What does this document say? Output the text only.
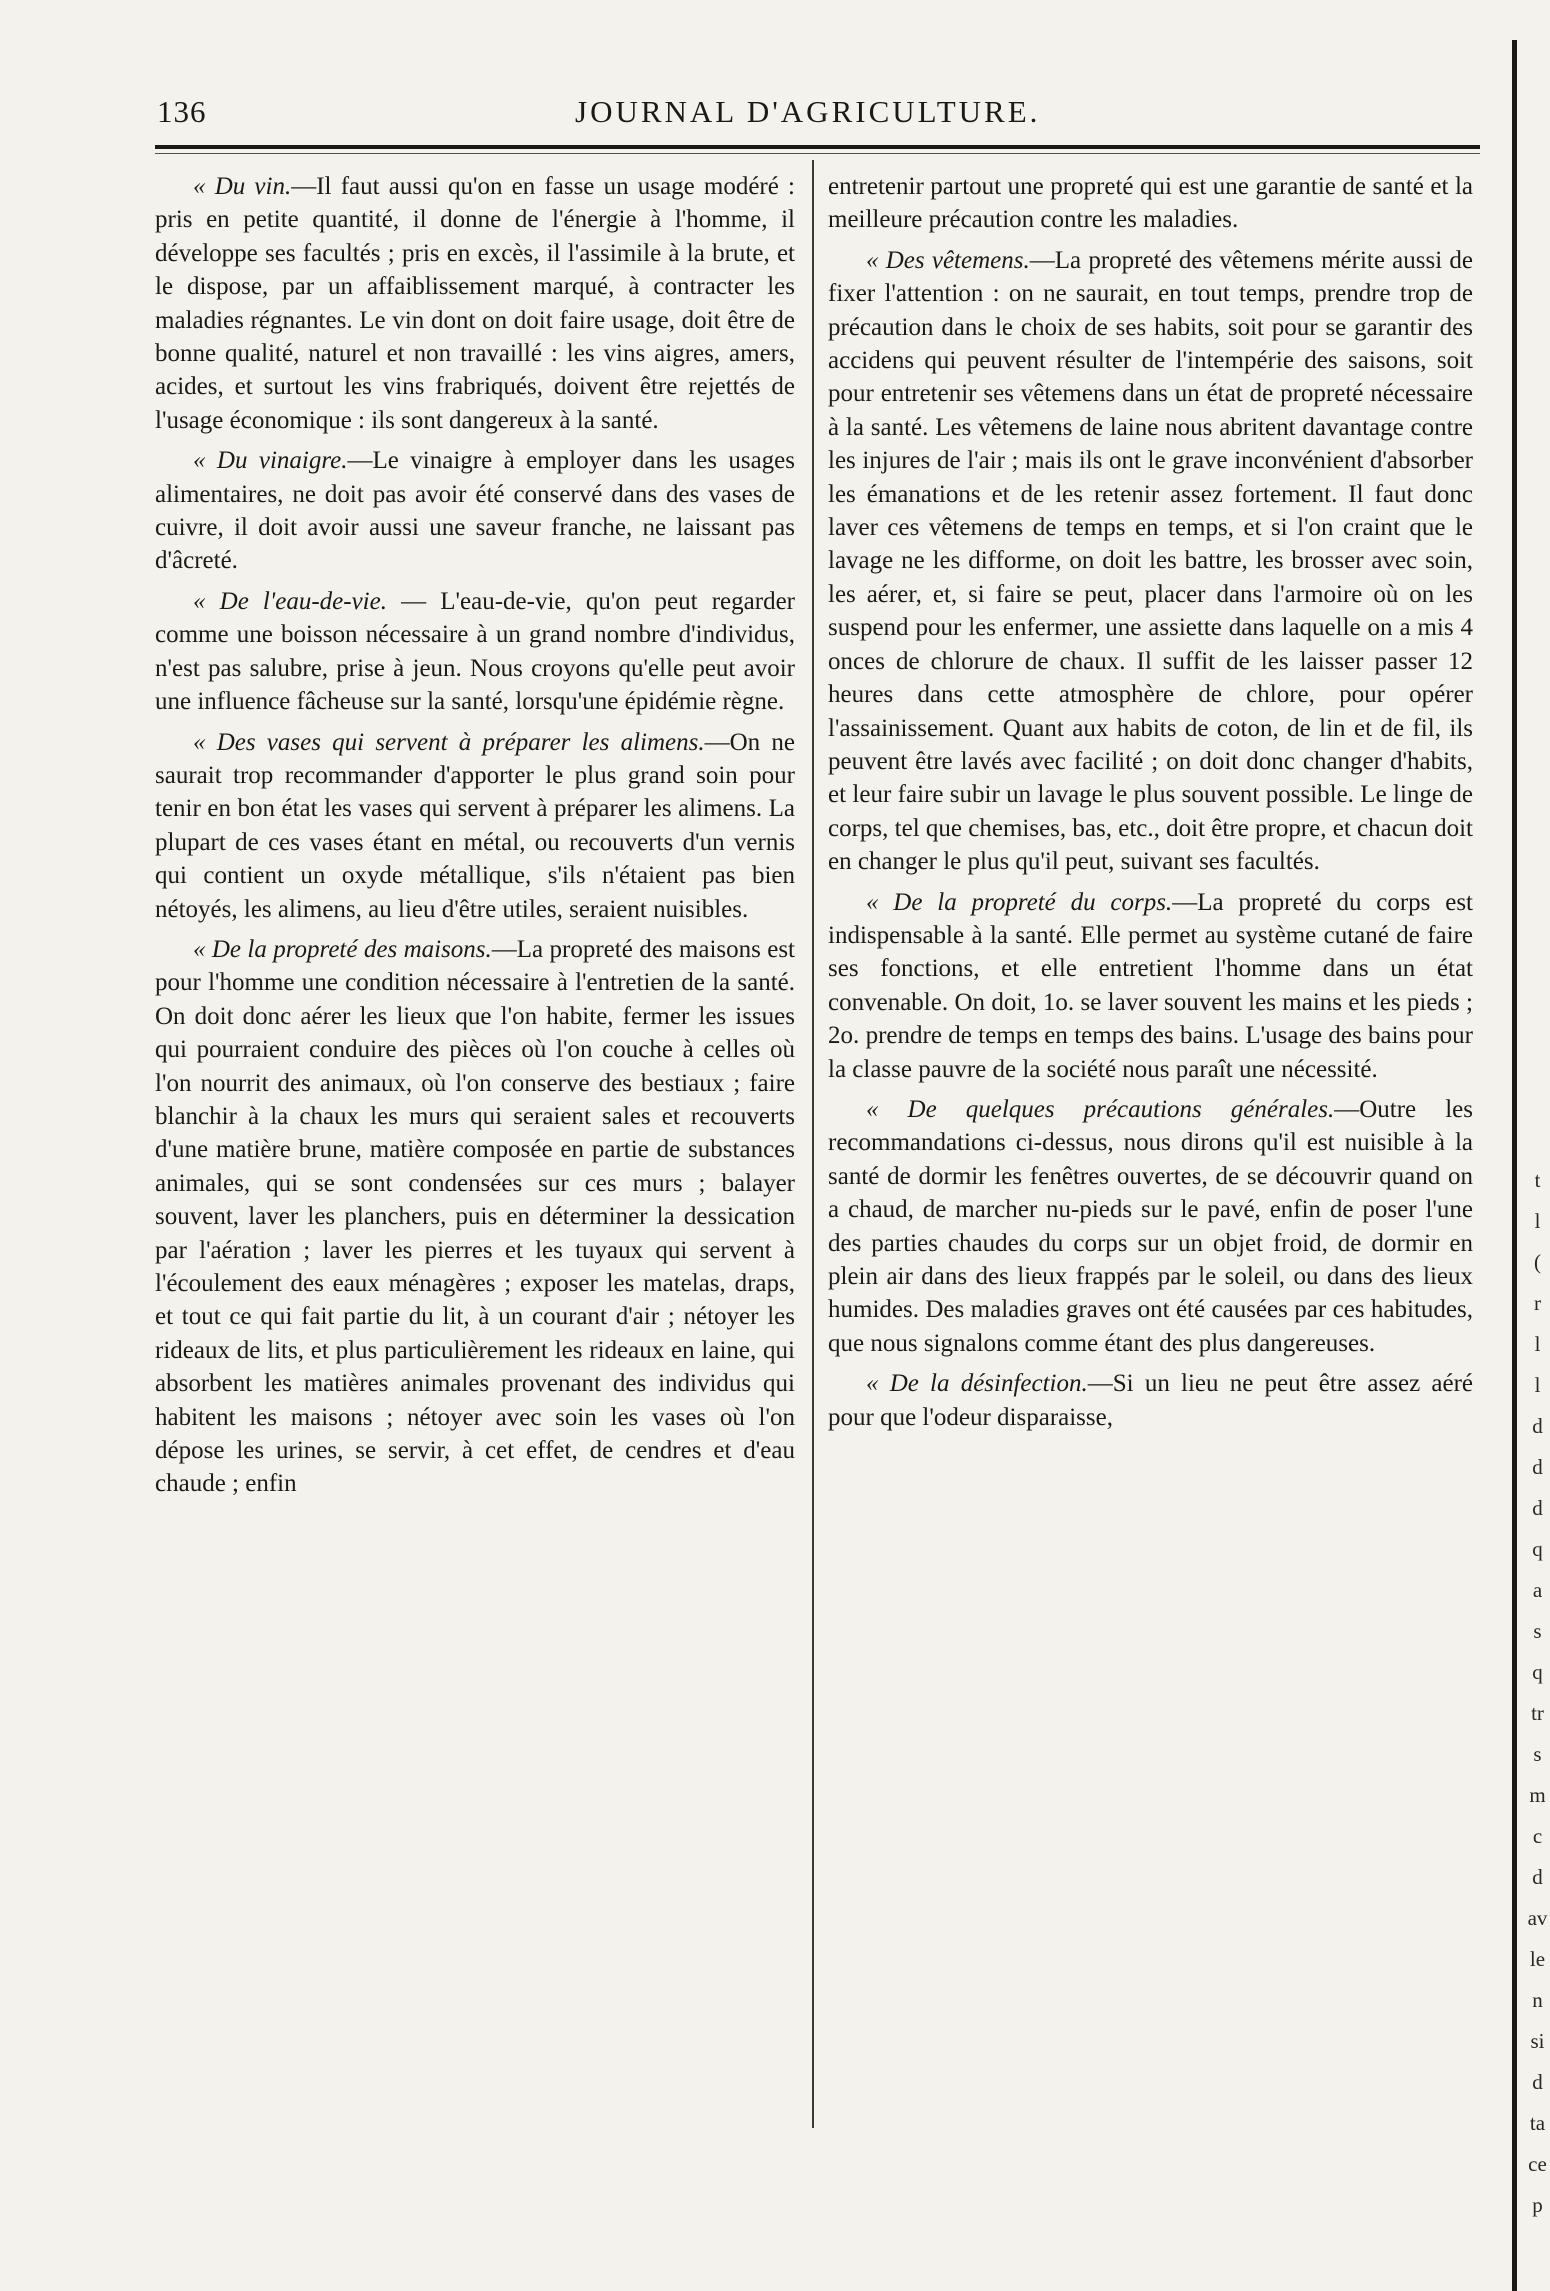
136	JOURNAL D'AGRICULTURE.

« Du vin.—Il faut aussi qu'on en fasse un usage modéré : pris en petite quantité, il donne de l'énergie à l'homme, il développe ses facultés ; pris en excès, il l'assimile à la brute, et le dispose, par un affaiblissement marqué, à contracter les maladies régnantes. Le vin dont on doit faire usage, doit être de bonne qualité, naturel et non travaillé : les vins aigres, amers, acides, et surtout les vins frabriqués, doivent être rejettés de l'usage économique : ils sont dangereux à la santé.

« Du vinaigre.—Le vinaigre à employer dans les usages alimentaires, ne doit pas avoir été conservé dans des vases de cuivre, il doit avoir aussi une saveur franche, ne laissant pas d'âcreté.

« De l'eau-de-vie. — L'eau-de-vie, qu'on peut regarder comme une boisson nécessaire à un grand nombre d'individus, n'est pas salubre, prise à jeun. Nous croyons qu'elle peut avoir une influence fâcheuse sur la santé, lorsqu'une épidémie règne.

« Des vases qui servent à préparer les alimens.—On ne saurait trop recommander d'apporter le plus grand soin pour tenir en bon état les vases qui servent à préparer les alimens. La plupart de ces vases étant en métal, ou recouverts d'un vernis qui contient un oxyde métallique, s'ils n'étaient pas bien nétoyés, les alimens, au lieu d'être utiles, seraient nuisibles.

« De la propreté des maisons.—La propreté des maisons est pour l'homme une condition nécessaire à l'entretien de la santé. On doit donc aérer les lieux que l'on habite, fermer les issues qui pourraient conduire des pièces où l'on couche à celles où l'on nourrit des animaux, où l'on conserve des bestiaux ; faire blanchir à la chaux les murs qui seraient sales et recouverts d'une matière brune, matière composée en partie de substances animales, qui se sont condensées sur ces murs ; balayer souvent, laver les planchers, puis en déterminer la dessication par l'aération ; laver les pierres et les tuyaux qui servent à l'écoulement des eaux ménagères ; exposer les matelas, draps, et tout ce qui fait partie du lit, à un courant d'air ; nétoyer les rideaux de lits, et plus particulièrement les rideaux en laine, qui absorbent les matières animales provenant des individus qui habitent les maisons ; nétoyer avec soin les vases où l'on dépose les urines, se servir, à cet effet, de cendres et d'eau chaude ; enfin

entretenir partout une propreté qui est une garantie de santé et la meilleure précaution contre les maladies.

« Des vêtemens.—La propreté des vêtemens mérite aussi de fixer l'attention : on ne saurait, en tout temps, prendre trop de précaution dans le choix de ses habits, soit pour se garantir des accidens qui peuvent résulter de l'intempérie des saisons, soit pour entretenir ses vêtemens dans un état de propreté nécessaire à la santé. Les vêtemens de laine nous abritent davantage contre les injures de l'air ; mais ils ont le grave inconvénient d'absorber les émanations et de les retenir assez fortement. Il faut donc laver ces vêtemens de temps en temps, et si l'on craint que le lavage ne les difforme, on doit les battre, les brosser avec soin, les aérer, et, si faire se peut, placer dans l'armoire où on les suspend pour les enfermer, une assiette dans laquelle on a mis 4 onces de chlorure de chaux. Il suffit de les laisser passer 12 heures dans cette atmosphère de chlore, pour opérer l'assainissement. Quant aux habits de coton, de lin et de fil, ils peuvent être lavés avec facilité ; on doit donc changer d'habits, et leur faire subir un lavage le plus souvent possible. Le linge de corps, tel que chemises, bas, etc., doit être propre, et chacun doit en changer le plus qu'il peut, suivant ses facultés.

« De la propreté du corps.—La propreté du corps est indispensable à la santé. Elle permet au système cutané de faire ses fonctions, et elle entretient l'homme dans un état convenable. On doit, 1o. se laver souvent les mains et les pieds ; 2o. prendre de temps en temps des bains. L'usage des bains pour la classe pauvre de la société nous paraît une nécessité.

« De quelques précautions générales.—Outre les recommandations ci-dessus, nous dirons qu'il est nuisible à la santé de dormir les fenêtres ouvertes, de se découvrir quand on a chaud, de marcher nu-pieds sur le pavé, enfin de poser l'une des parties chaudes du corps sur un objet froid, de dormir en plein air dans des lieux frappés par le soleil, ou dans des lieux humides. Des maladies graves ont été causées par ces habitudes, que nous signalons comme étant des plus dangereuses.

« De la désinfection.—Si un lieu ne peut être assez aéré pour que l'odeur disparaisse,

t
l
(
r
l
l
d
d
d
q
a
s
q
tr
s
m
c
d
av
le
n
si
d
ta
ce
p
